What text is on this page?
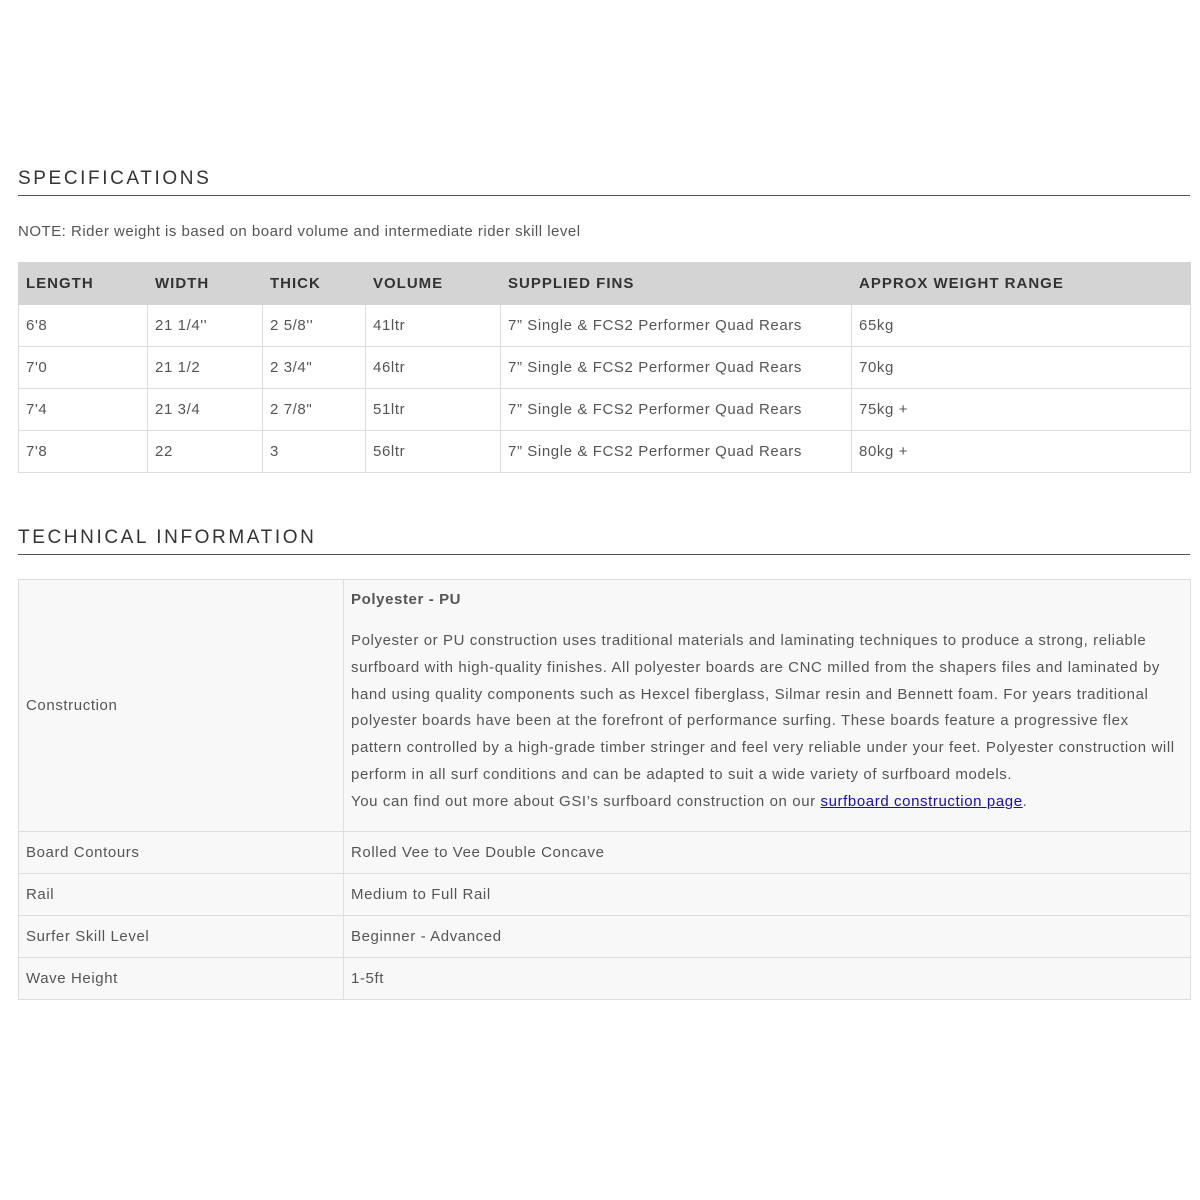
SPECIFICATIONS

NOTE: Rider weight is based on board volume and intermediate rider skill level

LENGTH	WIDTH	THICK	VOLUME	SUPPLIED FINS	APPROX WEIGHT RANGE
6'8	21 1/4''	2 5/8''	41ltr	7” Single & FCS2 Performer Quad Rears	65kg
7'0	21 1/2	2 3/4"	46ltr	7” Single & FCS2 Performer Quad Rears	70kg
7'4	21 3/4	2 7/8"	51ltr	7” Single & FCS2 Performer Quad Rears	75kg +
7'8	22	3	56ltr	7” Single & FCS2 Performer Quad Rears	80kg +
TECHNICAL INFORMATION
Construction	Polyester - PU
Polyester or PU construction uses traditional materials and laminating techniques to produce a strong, reliable surfboard with high-quality finishes. All polyester boards are CNC milled from the shapers files and laminated by hand using quality components such as Hexcel fiberglass, Silmar resin and Bennett foam. For years traditional polyester boards have been at the forefront of performance surfing. These boards feature a progressive flex pattern controlled by a high-grade timber stringer and feel very reliable under your feet. Polyester construction will perform in all surf conditions and can be adapted to suit a wide variety of surfboard models.
You can find out more about GSI’s surfboard construction on our surfboard construction page.

Board Contours	Rolled Vee to Vee Double Concave
Rail	Medium to Full Rail
Surfer Skill Level	Beginner - Advanced
Wave Height	1-5ft
